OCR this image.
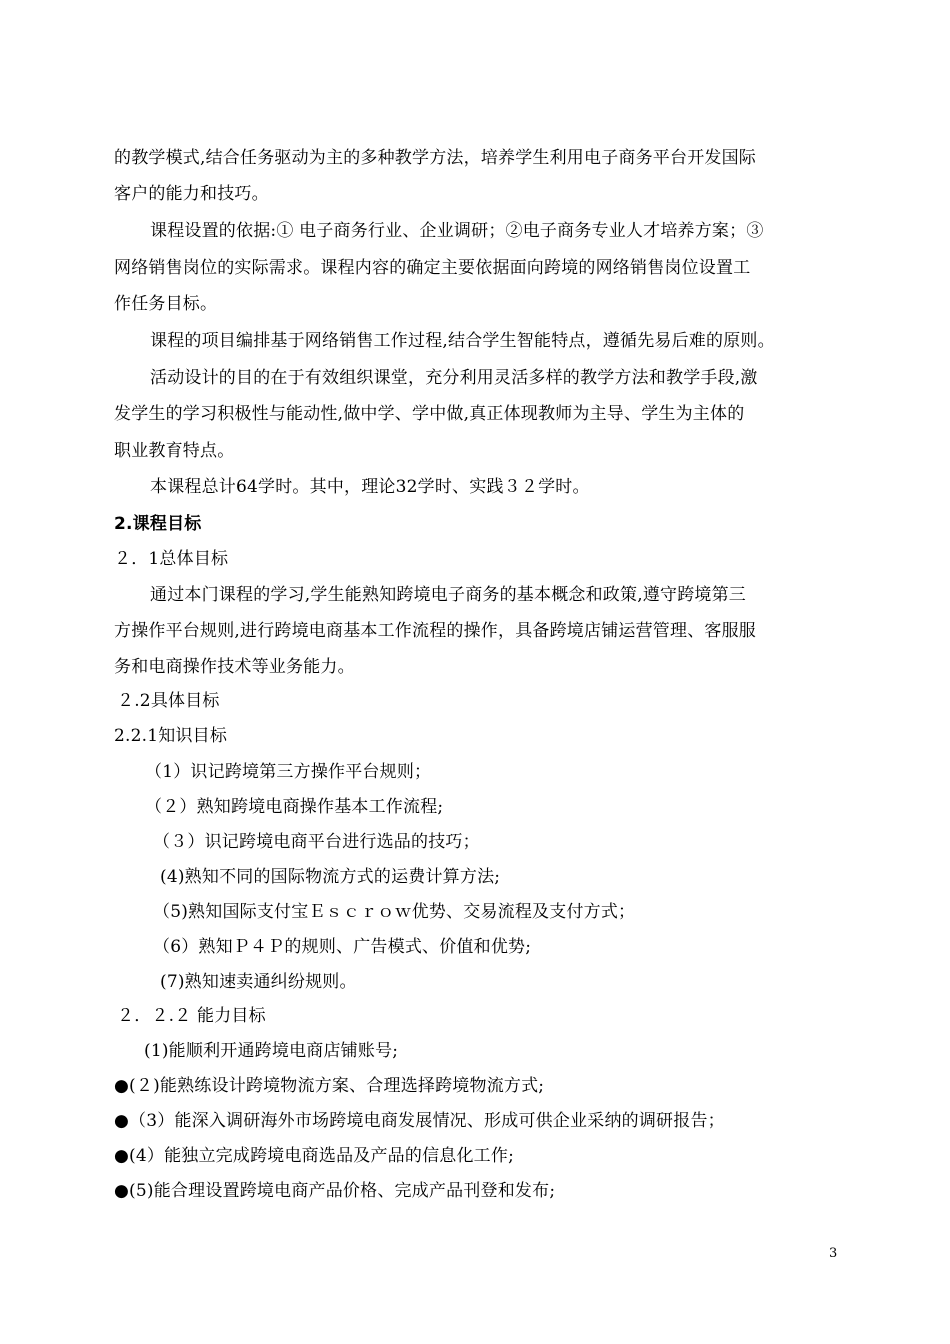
的教学模式,结合任务驱动为主的多种教学方法，培养学生利用电子商务平台开发国际
客户的能力和技巧。
课程设置的依据:① 电子商务行业、企业调研；②电子商务专业人才培养方案；③
网络销售岗位的实际需求。课程内容的确定主要依据面向跨境的网络销售岗位设置工
作任务目标。
课程的项目编排基于网络销售工作过程,结合学生智能特点，遵循先易后难的原则。
活动设计的目的在于有效组织课堂，充分利用灵活多样的教学方法和教学手段,激
发学生的学习积极性与能动性,做中学、学中做,真正体现教师为主导、学生为主体的
职业教育特点。
本课程总计64学时。其中，理论32学时、实践３２学时。
2.课程目标
２．1总体目标
通过本门课程的学习,学生能熟知跨境电子商务的基本概念和政策,遵守跨境第三
方操作平台规则,进行跨境电商基本工作流程的操作，具备跨境店铺运营管理、客服服
务和电商操作技术等业务能力。
２.2具体目标
2.2.1知识目标
（1）识记跨境第三方操作平台规则；
（２）熟知跨境电商操作基本工作流程;
（３）识记跨境电商平台进行选品的技巧；
(4)熟知不同的国际物流方式的运费计算方法;
（5)熟知国际支付宝Ｅｓｃｒｏｗ优势、交易流程及支付方式；
（6）熟知Ｐ４Ｐ的规则、广告模式、价值和优势;
(7)熟知速卖通纠纷规则。
２．２.２ 能力目标
(1)能顺利开通跨境电商店铺账号;
●(２)能熟练设计跨境物流方案、合理选择跨境物流方式;
●（3）能深入调研海外市场跨境电商发展情况、形成可供企业采纳的调研报告；
●(4）能独立完成跨境电商选品及产品的信息化工作;
●(5)能合理设置跨境电商产品价格、完成产品刊登和发布;
3
